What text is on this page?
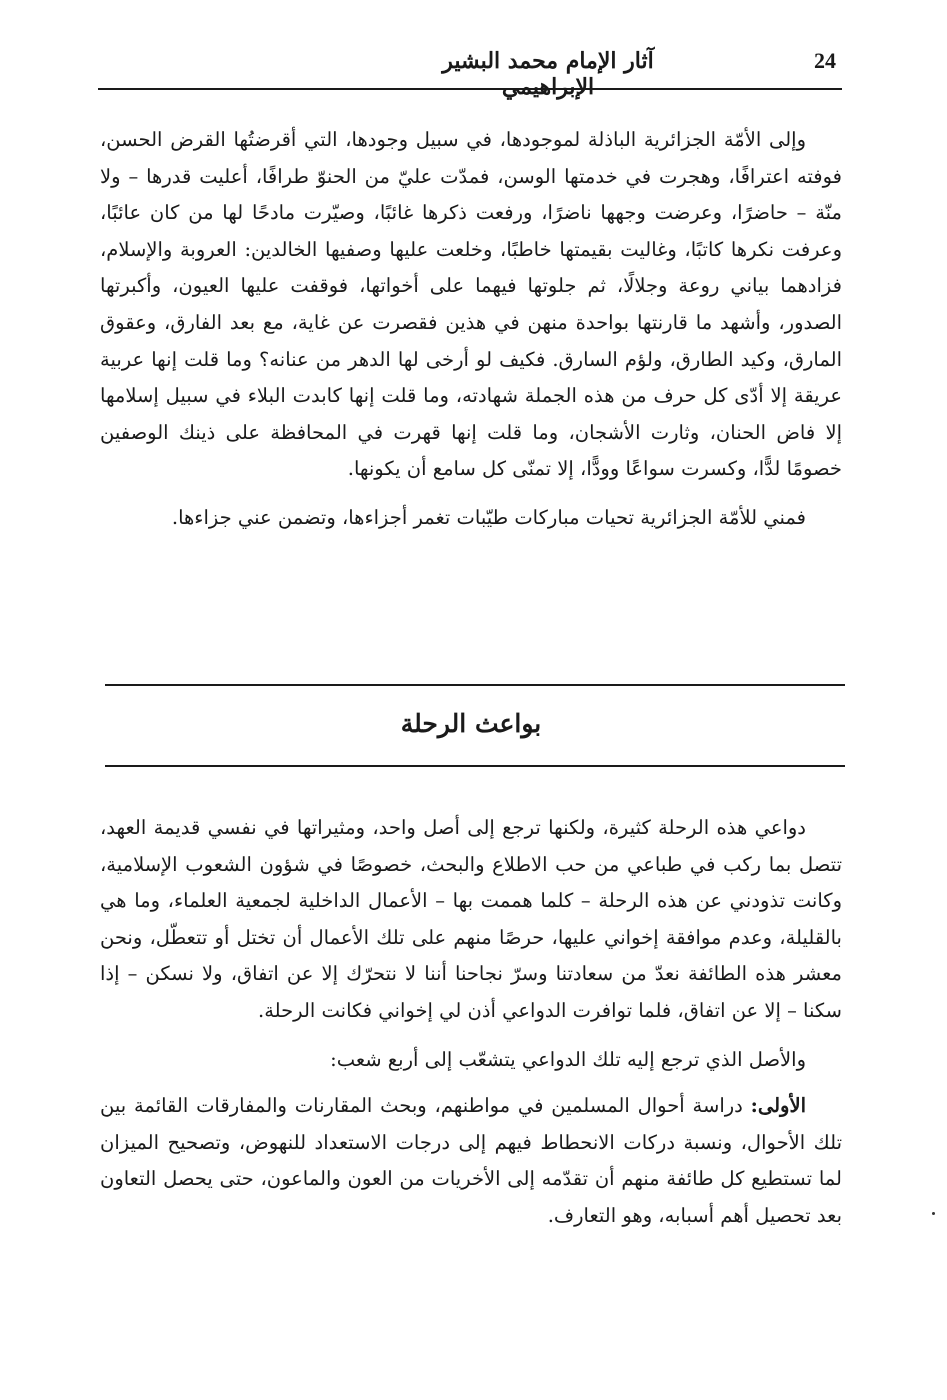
24
آثار الإمام محمد البشير الإبراهيمي

وإلى الأمّة الجزائرية الباذلة لموجودها، في سبيل وجودها، التي أقرضتُها القرض الحسن، فوفته اعترافًا، وهجرت في خدمتها الوسن، فمدّت عليّ من الحنوّ طرافًا، أعليت قدرها – ولا منّة – حاضرًا، وعرضت وجهها ناضرًا، ورفعت ذكرها غائبًا، وصيّرت مادحًا لها من كان عائبًا، وعرفت نكرها كاتبًا، وغاليت بقيمتها خاطبًا، وخلعت عليها وصفيها الخالدين: العروبة والإسلام، فزادهما بياني روعة وجلالًا، ثم جلوتها فيهما على أخواتها، فوقفت عليها العيون، وأكبرتها الصدور، وأشهد ما قارنتها بواحدة منهن في هذين فقصرت عن غاية، مع بعد الفارق، وعقوق المارق، وكيد الطارق، ولؤم السارق. فكيف لو أرخى لها الدهر من عنانه؟ وما قلت إنها عربية عريقة إلا أدّى كل حرف من هذه الجملة شهادته، وما قلت إنها كابدت البلاء في سبيل إسلامها إلا فاض الحنان، وثارت الأشجان، وما قلت إنها قهرت في المحافظة على ذينك الوصفين خصومًا لدًّا، وكسرت سواعًا وودًّا، إلا تمنّى كل سامع أن يكونها.

فمني للأمّة الجزائرية تحيات مباركات طيّبات تغمر أجزاءها، وتضمن عني جزاءها.

بواعث الرحلة

دواعي هذه الرحلة كثيرة، ولكنها ترجع إلى أصل واحد، ومثيراتها في نفسي قديمة العهد، تتصل بما ركب في طباعي من حب الاطلاع والبحث، خصوصًا في شؤون الشعوب الإسلامية، وكانت تذودني عن هذه الرحلة – كلما هممت بها – الأعمال الداخلية لجمعية العلماء، وما هي بالقليلة، وعدم موافقة إخواني عليها، حرصًا منهم على تلك الأعمال أن تختل أو تتعطّل، ونحن معشر هذه الطائفة نعدّ من سعادتنا وسرّ نجاحنا أننا لا نتحرّك إلا عن اتفاق، ولا نسكن – إذا سكنا – إلا عن اتفاق، فلما توافرت الدواعي أذن لي إخواني فكانت الرحلة.

والأصل الذي ترجع إليه تلك الدواعي يتشعّب إلى أربع شعب:

الأولى: دراسة أحوال المسلمين في مواطنهم، وبحث المقارنات والمفارقات القائمة بين تلك الأحوال، ونسبة دركات الانحطاط فيهم إلى درجات الاستعداد للنهوض، وتصحيح الميزان لما تستطيع كل طائفة منهم أن تقدّمه إلى الأخريات من العون والماعون، حتى يحصل التعاون بعد تحصيل أهم أسبابه، وهو التعارف.
